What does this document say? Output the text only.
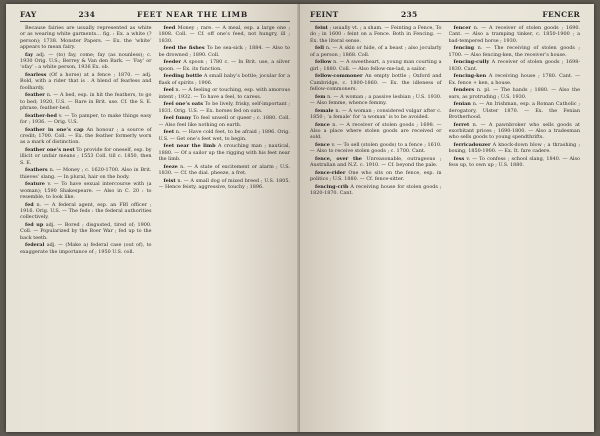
FAY	234	FEET NEAR THE LIMB

Because fairies are usually represented as white or as wearing white garments… fig. : Ex. a white (? person); 1738. Monster Papers. — Ex. the ‘white’ appears to mean fairy.

fay adj. — (to) fay, come; fay (as nounless); c. 1930 Orig. U.S.; Berrey & Van den Bark. — ‘Fay’ or ‘ofay’ : a white person, 1936 Ex. ob.

fearless (Of a horse) at a fence ; 1870. — adj. Bold, with a rider that is . A blend of fearless and foolhardy.

feather n. — A bed, esp. in hit the feathers, to go to bed; 1920, U.S. — Rare in Brit. use. Cf. the S. E. phrase, feather-bed.

feather-bed v. — To pamper, to make things easy for ; 1936. — Orig. U.S.

feather in one’s cap An honour ; a source of credit; 1700. Coll. — Ex. the feather formerly worn as a mark of distinction.

feather one’s nest To provide for oneself, esp. by illicit or unfair means ; 1553 Coll. till c. 1850, then S. E.

feathers n. — Money ; c. 1620-1700. Also in Brit. thieves’ slang. — In plural, hair on the body.

feature v. — To have sexual intercourse with (a woman); 1590 Shakespeare. — Also in C. 20 : to resemble, to look like.

fed n. — A federal agent, esp. an FBI officer ; 1916. Orig. U.S. — The feds : the federal authorities collectively.

fed up adj. — Bored ; disgusted, tired of; 1900. Coll. — Popularized by the Boer War ; fed up to the back teeth.

federal adj. — (Make a) federal case (out of), to exaggerate the importance of ; 1950 U.S. coll.

feed Money ; rare. — A meal, esp. a large one ; 1808. Coll. — Cf. off one’s feed, not hungry, ill ; 1830.

feed the fishes To be sea-sick ; 1884. — Also to be drowned ; 1890. Coll.

feeder A spoon ; 1780 c. — In Brit. use, a silver spoon. — Ex. its function.

feeding bottle A small baby’s bottle; jocular for a flask of spirits ; 1906.

feel n. — A feeling or touching, esp. with amorous intent ; 1932. — To have a feel, to caress.

feel one’s oats To be lively, frisky, self-important ; 1831. Orig. U.S. — Ex. horses fed on oats.

feel funny To feel unwell or queer ; c. 1880. Coll. — Also feel like nothing on earth.

feet n. — Have cold feet, to be afraid ; 1896. Orig. U.S. — Get one’s feet wet, to begin.

feet near the limb A crouching man ; nautical, 1880. — Of a sailor up the rigging with his feet near the limb.

feeze n. — A state of excitement or alarm ; U.S. 1830. — Cf. the dial. pheeze, a fret.

feist n. — A small dog of mixed breed ; U.S. 1805. — Hence feisty, aggressive, touchy ; 1896.

FEINT	235	FENCER

feint ; usually vt. ; a sham. — Feinting a Fence, To do ; in 1600 : feint on a Fence. Both in Fencing. — Ex. the literal sense.

fell n. — A skin or hide, of a beast ; also jocularly of a person ; 1868. Coll.

fellow n. — A sweetheart, a young man courting a girl ; 1880. Coll. — Also fellow-me-lad, a sailor.

fellow-commoner An empty bottle ; Oxford and Cambridge, c. 1800-1860. — Ex. the idleness of fellow-commoners.

fem n. — A woman ; a passive lesbian ; U.S. 1930. — Also femme, whence femmy.

female n. — A woman ; considered vulgar after c. 1850 ; ‘a female’ for ‘a woman’ is to be avoided.

fence n. — A receiver of stolen goods ; 1698. — Also a place where stolen goods are received or sold.

fence v. — To sell (stolen goods) to a fence ; 1610. — Also to receive stolen goods ; c. 1700. Cant.

fence, over the Unreasonable, outrageous ; Australian and N.Z. c. 1910. — Cf. beyond the pale.

fence-rider One who sits on the fence, esp. in politics ; U.S. 1880. — Cf. fence-sitter.

fencing-crib A receiving house for stolen goods ; 1820-1870. Cant.

fencer n. — A receiver of stolen goods ; 1690. Cant. — Also a tramping tinker, c. 1850-1900 ; a bad-tempered horse ; 1930.

fencing n. — The receiving of stolen goods ; 1700. — Also fencing-ken, the receiver’s house.

fencing-cully A receiver of stolen goods ; 1698-1830. Cant.

fencing-ken A receiving house ; 1780. Cant. — Ex. fence + ken, a house.

fenders n. pl. — The hands ; 1880. — Also the ears, as protruding ; U.S. 1930.

fenian n. — An Irishman, esp. a Roman Catholic ; derogatory, Ulster 1870. — Ex. the Fenian Brotherhood.

ferret n. — A pawnbroker who sells goods at exorbitant prices ; 1690-1800. — Also a tradesman who sells goods to young spendthrifts.

ferricadouzer A knock-down blow ; a thrashing ; boxing, 1850-1900. — Ex. It. fare cadere.

fess v. — To confess ; school slang, 1840. — Also fess up, to own up ; U.S. 1880.
